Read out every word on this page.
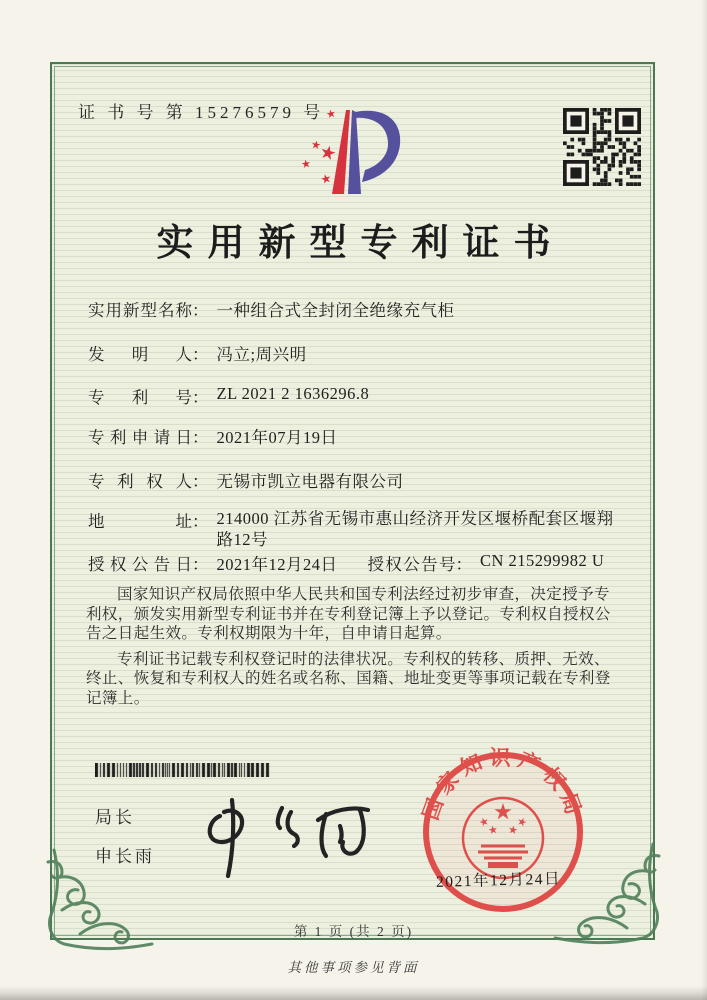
证 书 号 第 15276579 号
实用新型专利证书
实用新型名称 ： 一种组合式全封闭全绝缘充气柜
发明人 ： 冯立;周兴明
专利号 ： ZL 2021 2 1636296.8
专利申请日 ： 2021年07月19日
专利权人 ： 无锡市凯立电器有限公司
地址 ： 214000 江苏省无锡市惠山经济开发区堰桥配套区堰翔路12号
授权公告日 ： 2021年12月24日 授权公告号 ： CN 215299982 U

国家知识产权局依照中华人民共和国专利法经过初步审查，决定授予专利权，颁发实用新型专利证书并在专利登记簿上予以登记。专利权自授权公告之日起生效。专利权期限为十年，自申请日起算。

专利证书记载专利权登记时的法律状况。专利权的转移、质押、无效、终止、恢复和专利权人的姓名或名称、国籍、地址变更等事项记载在专利登记簿上。

局长
申长雨
国家知识产权局
2021年12月24日
第 1 页 (共 2 页)
其他事项参见背面
